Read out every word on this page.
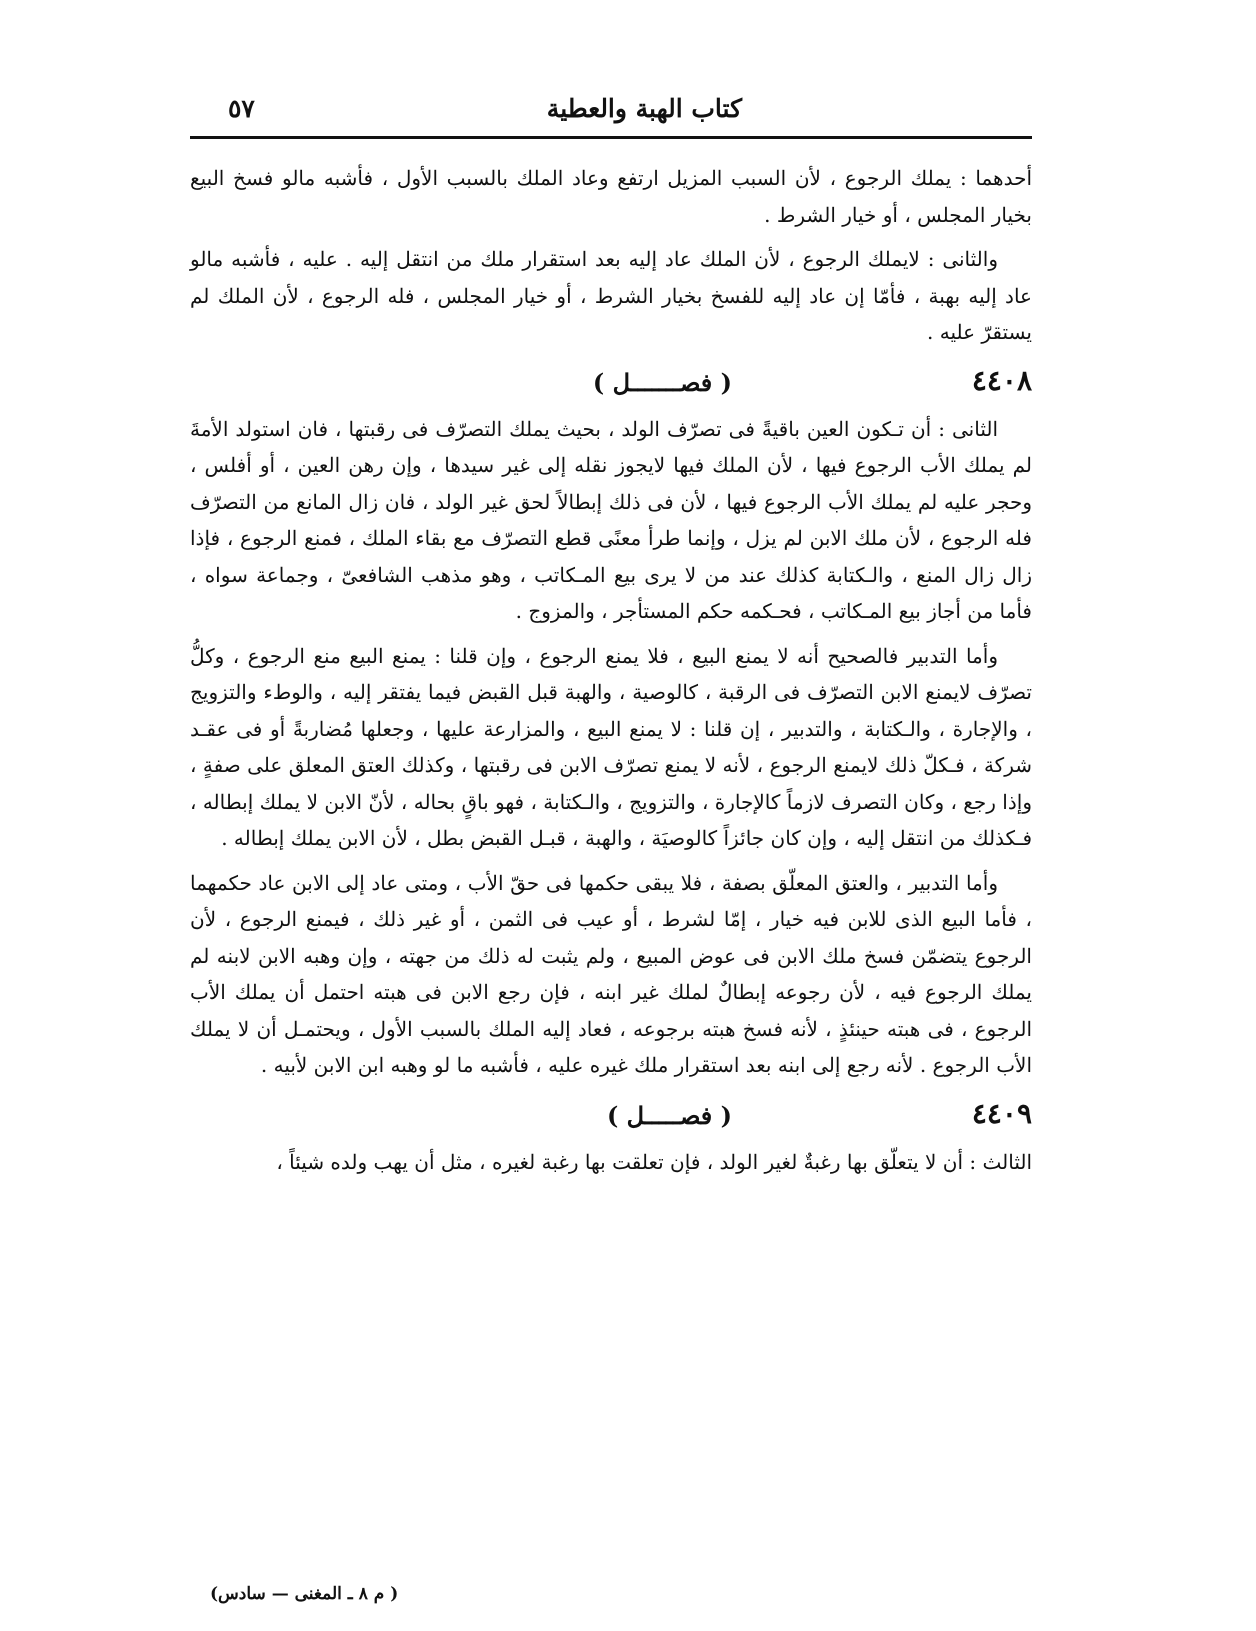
كتاب الهبة والعطية
٥٧

أحدهما : يملك الرجوع ، لأن السبب المزيل ارتفع وعاد الملك بالسبب الأول ، فأشبه مالو فسخ البيع بخيار المجلس ، أو خيار الشرط .

والثانى : لايملك الرجوع ، لأن الملك عاد إليه بعد استقرار ملك من انتقل إليه . عليه ، فأشبه مالو عاد إليه بهبة ، فأمّا إن عاد إليه للفسخ بخيار الشرط ، أو خيار المجلس ، فله الرجوع ، لأن الملك لم يستقرّ عليه .

٤٤٠٨
( فصـــــــل )

الثانى : أن تـكون العين باقيةً فى تصرّف الولد ، بحيث يملك التصرّف فى رقبتها ، فان استولد الأمةَ لم يملك الأب الرجوع فيها ، لأن الملك فيها لايجوز نقله إلى غير سيدها ، وإن رهن العين ، أو أفلس ، وحجر عليه لم يملك الأب الرجوع فيها ، لأن فى ذلك إبطالاً لحق غير الولد ، فان زال المانع من التصرّف فله الرجوع ، لأن ملك الابن لم يزل ، وإنما طرأ معنًى قطع التصرّف مع بقاء الملك ، فمنع الرجوع ، فإذا زال زال المنع ، والـكتابة كذلك عند من لا يرى بيع المـكاتب ، وهو مذهب الشافعىّ ، وجماعة سواه ، فأما من أجاز بيع المـكاتب ، فحـكمه حكم المستأجر ، والمزوج .

وأما التدبير فالصحيح أنه لا يمنع البيع ، فلا يمنع الرجوع ، وإن قلنا : يمنع البيع منع الرجوع ، وكلُّ تصرّف لايمنع الابن التصرّف فى الرقبة ، كالوصية ، والهبة قبل القبض فيما يفتقر إليه ، والوطء والتزويج ، والإجارة ، والـكتابة ، والتدبير ، إن قلنا : لا يمنع البيع ، والمزارعة عليها ، وجعلها مُضاربةً أو فى عقـد شركة ، فـكلّ ذلك لايمنع الرجوع ، لأنه لا يمنع تصرّف الابن فى رقبتها ، وكذلك العتق المعلق على صفةٍ ، وإذا رجع ، وكان التصرف لازماً كالإجارة ، والتزويج ، والـكتابة ، فهو باقٍ بحاله ، لأنّ الابن لا يملك إبطاله ، فـكذلك من انتقل إليه ، وإن كان جائزاً كالوصيَة ، والهبة ، قبـل القبض بطل ، لأن الابن يملك إبطاله .

وأما التدبير ، والعتق المعلّق بصفة ، فلا يبقى حكمها فى حقّ الأب ، ومتى عاد إلى الابن عاد حكمهما ، فأما البيع الذى للابن فيه خيار ، إمّا لشرط ، أو عيب فى الثمن ، أو غير ذلك ، فيمنع الرجوع ، لأن الرجوع يتضمّن فسخ ملك الابن فى عوض المبيع ، ولم يثبت له ذلك من جهته ، وإن وهبه الابن لابنه لم يملك الرجوع فيه ، لأن رجوعه إبطالٌ لملك غير ابنه ، فإن رجع الابن فى هبته احتمل أن يملك الأب الرجوع ، فى هبته حينئذٍ ، لأنه فسخ هبته برجوعه ، فعاد إليه الملك بالسبب الأول ، ويحتمـل أن لا يملك الأب الرجوع . لأنه رجع إلى ابنه بعد استقرار ملك غيره عليه ، فأشبه ما لو وهبه ابن الابن لأبيه .

٤٤٠٩
( فصـــــل )

الثالث : أن لا يتعلّق بها رغبةٌ لغير الولد ، فإن تعلقت بها رغبة لغيره ، مثل أن يهب ولده شيئاً ،

( م ٨ ـ المغنى — سادس)
